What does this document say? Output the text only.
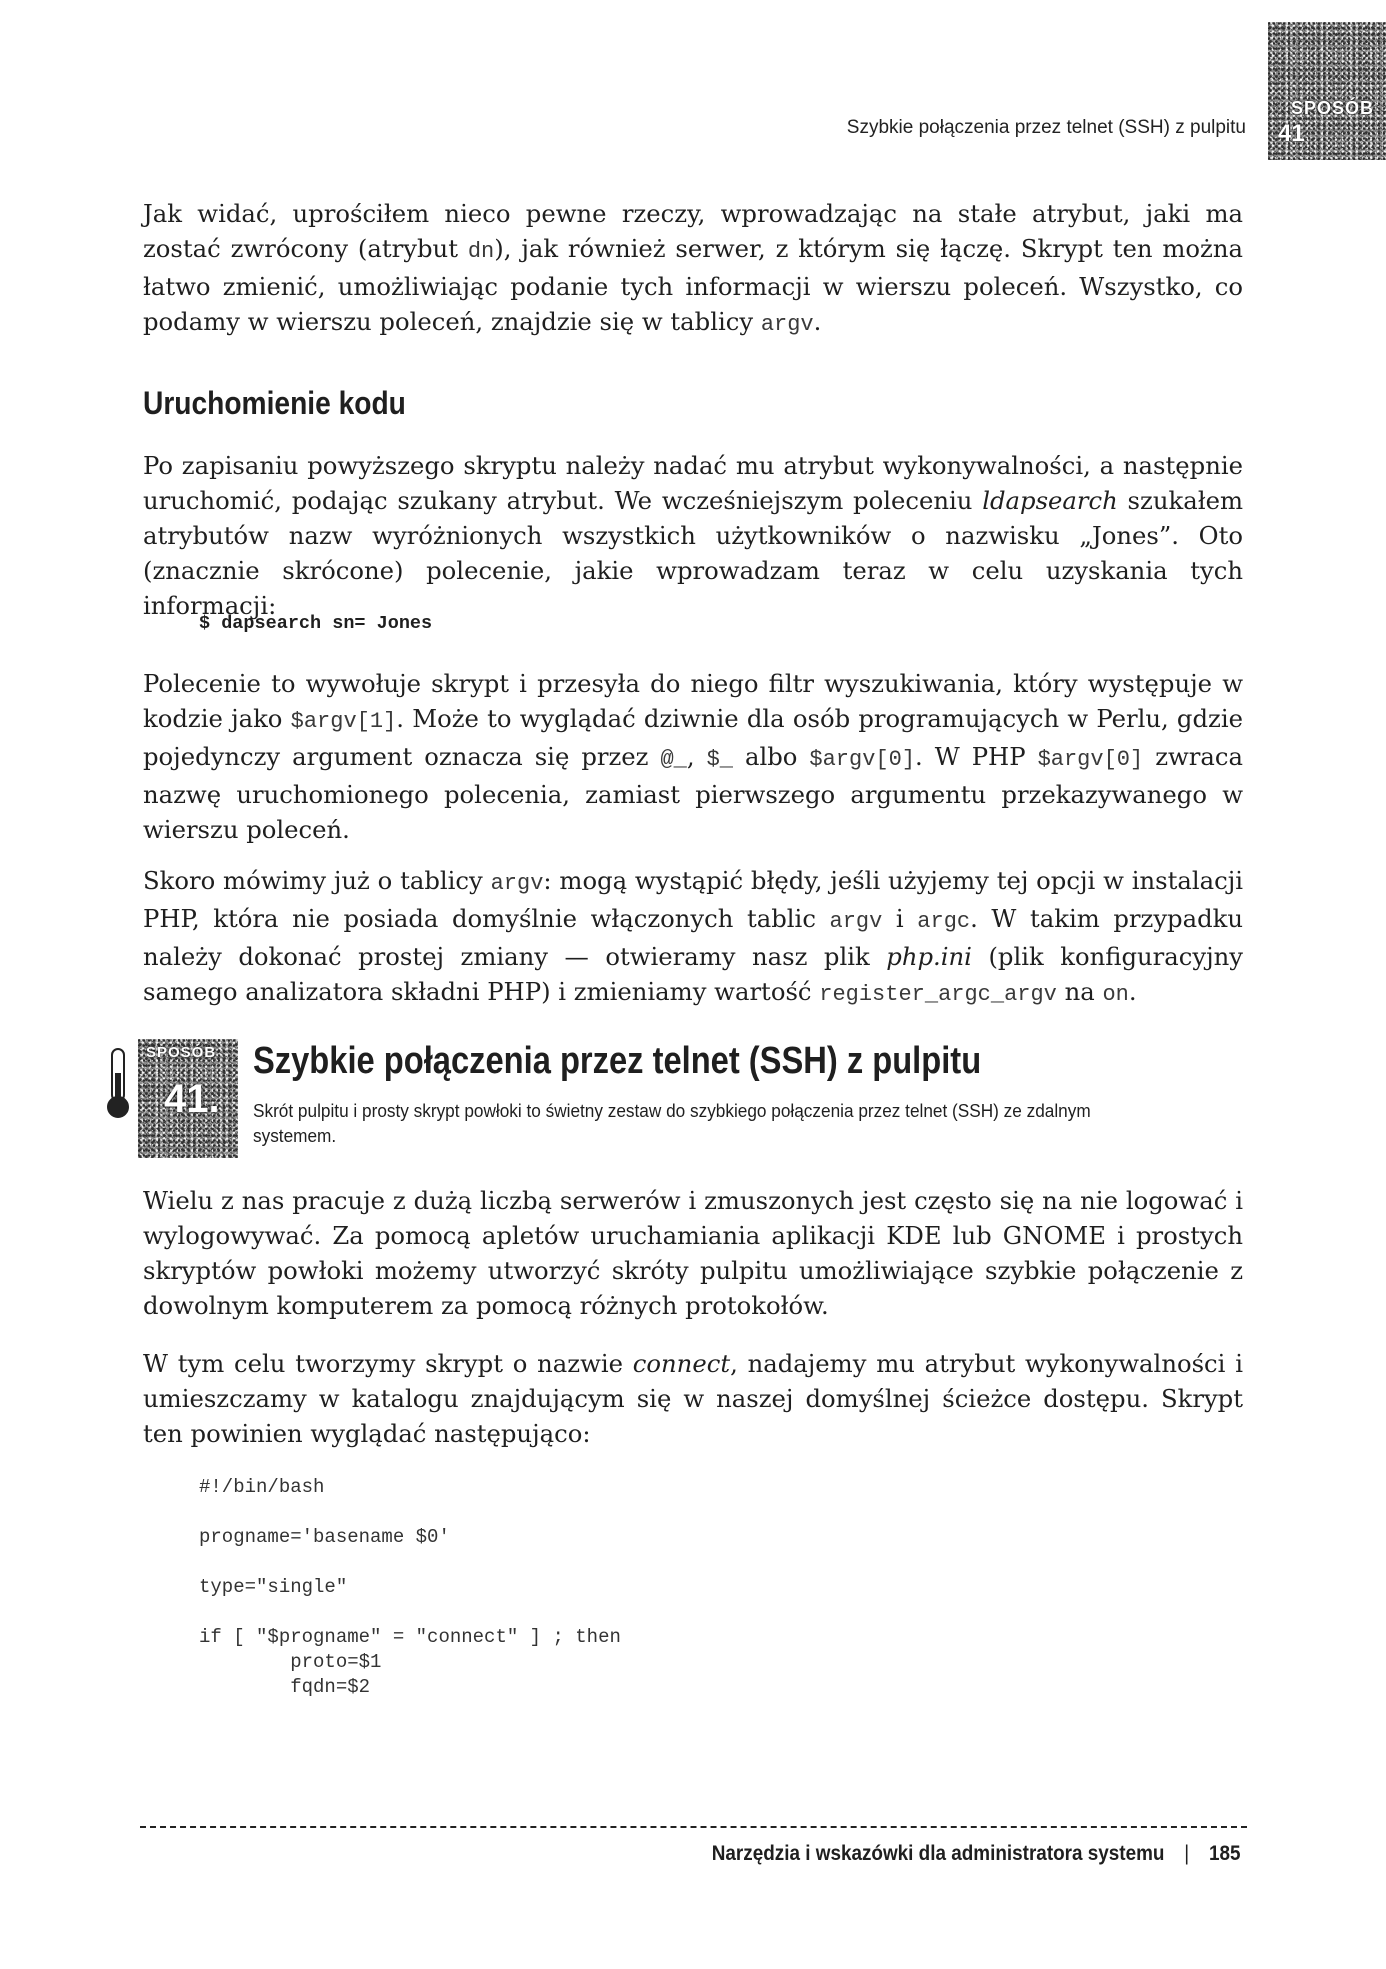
Szybkie połączenia przez telnet (SSH) z pulpitu
SPOSÓB
41

Jak widać, uprościłem nieco pewne rzeczy, wprowadzając na stałe atrybut, jaki ma zostać zwrócony (atrybut dn), jak również serwer, z którym się łączę. Skrypt ten można łatwo zmienić, umożliwiając podanie tych informacji w wierszu poleceń. Wszystko, co podamy w wierszu poleceń, znajdzie się w tablicy argv.

Uruchomienie kodu

Po zapisaniu powyższego skryptu należy nadać mu atrybut wykonywalności, a następnie uruchomić, podając szukany atrybut. We wcześniejszym poleceniu ldapsearch szukałem atrybutów nazw wyróżnionych wszystkich użytkowników o nazwisku „Jones”. Oto (znacznie skrócone) polecenie, jakie wprowadzam teraz w celu uzyskania tych informacji:

$ dapsearch sn= Jones

Polecenie to wywołuje skrypt i przesyła do niego filtr wyszukiwania, który występuje w kodzie jako $argv[1]. Może to wyglądać dziwnie dla osób programujących w Perlu, gdzie pojedynczy argument oznacza się przez @_, $_ albo $argv[0]. W PHP $argv[0] zwraca nazwę uruchomionego polecenia, zamiast pierwszego argumentu przekazywanego w wierszu poleceń.

Skoro mówimy już o tablicy argv: mogą wystąpić błędy, jeśli użyjemy tej opcji w instalacji PHP, która nie posiada domyślnie włączonych tablic argv i argc. W takim przypadku należy dokonać prostej zmiany — otwieramy nasz plik php.ini (plik konfiguracyjny samego analizatora składni PHP) i zmieniamy wartość register_argc_argv na on.

SPOSÓB
41.
Szybkie połączenia przez telnet (SSH) z pulpitu

Skrót pulpitu i prosty skrypt powłoki to świetny zestaw do szybkiego połączenia przez telnet (SSH) ze zdalnym systemem.

Wielu z nas pracuje z dużą liczbą serwerów i zmuszonych jest często się na nie logować i wylogowywać. Za pomocą apletów uruchamiania aplikacji KDE lub GNOME i prostych skryptów powłoki możemy utworzyć skróty pulpitu umożliwiające szybkie połączenie z dowolnym komputerem za pomocą różnych protokołów.

W tym celu tworzymy skrypt o nazwie connect, nadajemy mu atrybut wykonywalności i umieszczamy w katalogu znajdującym się w naszej domyślnej ścieżce dostępu. Skrypt ten powinien wyglądać następująco:

#!/bin/bash

progname='basename $0'

type="single"

if [ "$progname" = "connect" ] ; then
proto=$1
fqdn=$2
Narzędzia i wskazówki dla administratora systemu | 185
